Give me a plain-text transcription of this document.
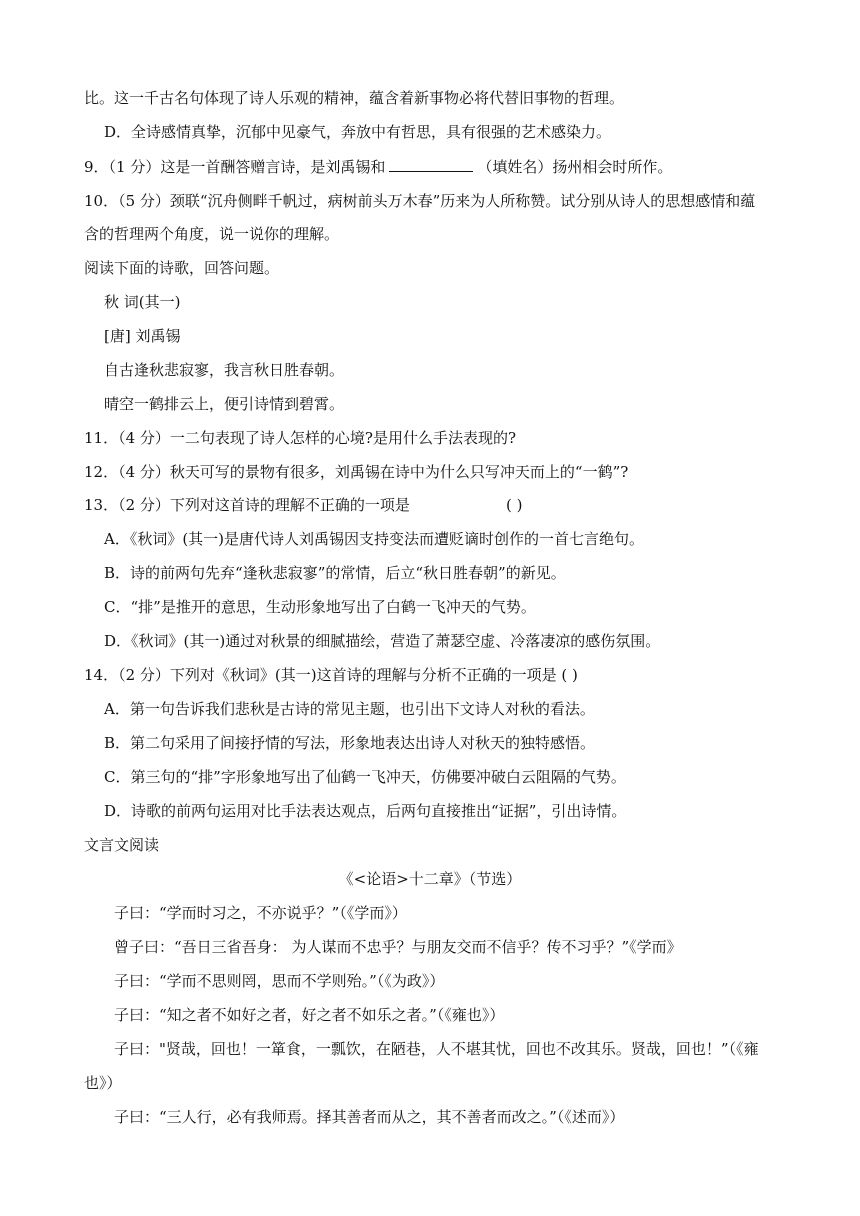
比。这一千古名句体现了诗人乐观的精神，蕴含着新事物必将代替旧事物的哲理。
D．全诗感情真挚，沉郁中见豪气，奔放中有哲思，具有很强的艺术感染力。
9．（1 分）这是一首酬答赠言诗，是刘禹锡和	（填姓名）扬州相会时所作。
10．（5 分）颈联“沉舟侧畔千帆过，病树前头万木春”历来为人所称赞。试分别从诗人的思想感情和蕴
含的哲理两个角度，说一说你的理解。
阅读下面的诗歌，回答问题。
秋 词(其一)
[唐] 刘禹锡
自古逢秋悲寂寥，我言秋日胜春朝。
晴空一鹤排云上，便引诗情到碧霄。
11．（4 分）一二句表现了诗人怎样的心境?是用什么手法表现的?
12．（4 分）秋天可写的景物有很多，刘禹锡在诗中为什么只写冲天而上的“一鹤”?
13．（2 分）下列对这首诗的理解不正确的一项是	( )
A．《秋词》(其一)是唐代诗人刘禹锡因支持变法而遭贬谪时创作的一首七言绝句。
B．诗的前两句先弃“逢秋悲寂寥”的常情，后立“秋日胜春朝”的新见。
C．“排”是推开的意思，生动形象地写出了白鹤一飞冲天的气势。
D．《秋词》(其一)通过对秋景的细腻描绘，营造了萧瑟空虚、冷落凄凉的感伤氛围。
14．（2 分）下列对《秋词》(其一)这首诗的理解与分析不正确的一项是 ( )
A．第一句告诉我们悲秋是古诗的常见主题，也引出下文诗人对秋的看法。
B．第二句采用了间接抒情的写法，形象地表达出诗人对秋天的独特感悟。
C．第三句的“排”字形象地写出了仙鹤一飞冲天，仿佛要冲破白云阻隔的气势。
D．诗歌的前两句运用对比手法表达观点，后两句直接推出“证据”，引出诗情。
文言文阅读
《<论语>十二章》（节选）
子曰：“学而时习之，不亦说乎？”（《学而》）
曾子曰：“吾日三省吾身： 为人谋而不忠乎？与朋友交而不信乎？传不习乎？”《学而》
子曰：“学而不思则罔，思而不学则殆。”（《为政》）
子曰：“知之者不如好之者，好之者不如乐之者。”（《雍也》）
子曰："贤哉，回也！一箪食，一瓢饮，在陋巷，人不堪其忧，回也不改其乐。贤哉，回也！”（《雍
也》）
子曰：“三人行，必有我师焉。择其善者而从之，其不善者而改之。”（《述而》）
